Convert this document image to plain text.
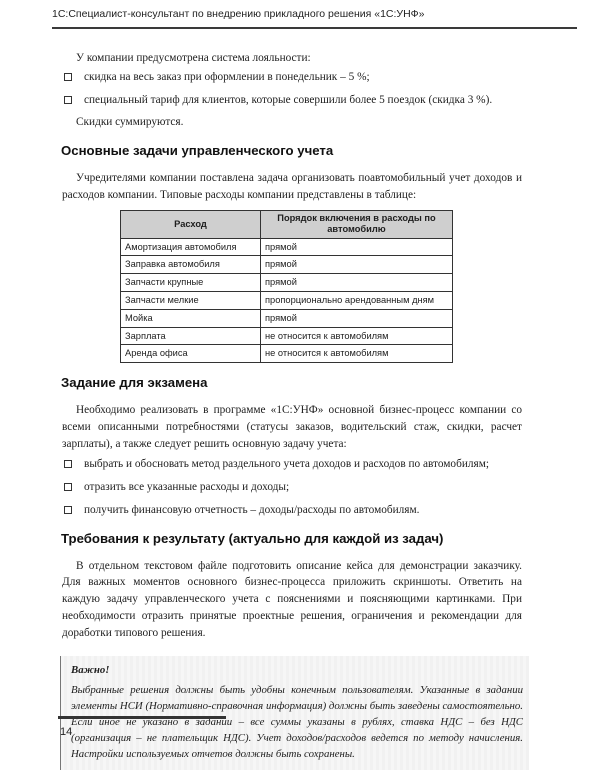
1С:Специалист-консультант по внедрению прикладного решения «1С:УНФ»

У компании предусмотрена система лояльности:

скидка на весь заказ при оформлении в понедельник – 5 %;
специальный тариф для клиентов, которые совершили более 5 поездок (скидка 3 %).

Скидки суммируются.

Основные задачи управленческого учета

Учредителями компании поставлена задача организовать поавтомобильный учет доходов и расходов компании. Типовые расходы компании представлены в таблице:

Расход	Порядок включения в расходы по автомобилю
Амортизация автомобиля	прямой
Заправка автомобиля	прямой
Запчасти крупные	прямой
Запчасти мелкие	пропорционально арендованным дням
Мойка	прямой
Зарплата	не относится к автомобилям
Аренда офиса	не относится к автомобилям
Задание для экзамена

Необходимо реализовать в программе «1С:УНФ» основной бизнес-процесс компании со всеми описанными потребностями (статусы заказов, водительский стаж, скидки, расчет зарплаты), а также следует решить основную задачу учета:

выбрать и обосновать метод раздельного учета доходов и расходов по автомобилям;
отразить все указанные расходы и доходы;
получить финансовую отчетность – доходы/расходы по автомобилям.
Требования к результату (актуально для каждой из задач)

В отдельном текстовом файле подготовить описание кейса для демонстрации заказчику. Для важных моментов основного бизнес-процесса приложить скриншоты. Ответить на каждую задачу управленческого учета с пояснениями и поясняющими картинками. При необходимости отразить принятые проектные решения, ограничения и рекомендации для доработки типового решения.

Важно!

Выбранные решения должны быть удобны конечным пользователям. Указанные в задании элементы НСИ (Нормативно-справочная информация) должны быть заведены самостоятельно. Если иное не указано в задании – все суммы указаны в рублях, ставка НДС – без НДС (организация – не плательщик НДС). Учет доходов/расходов ведется по методу начисления. Настройки используемых отчетов должны быть сохранены.

14
